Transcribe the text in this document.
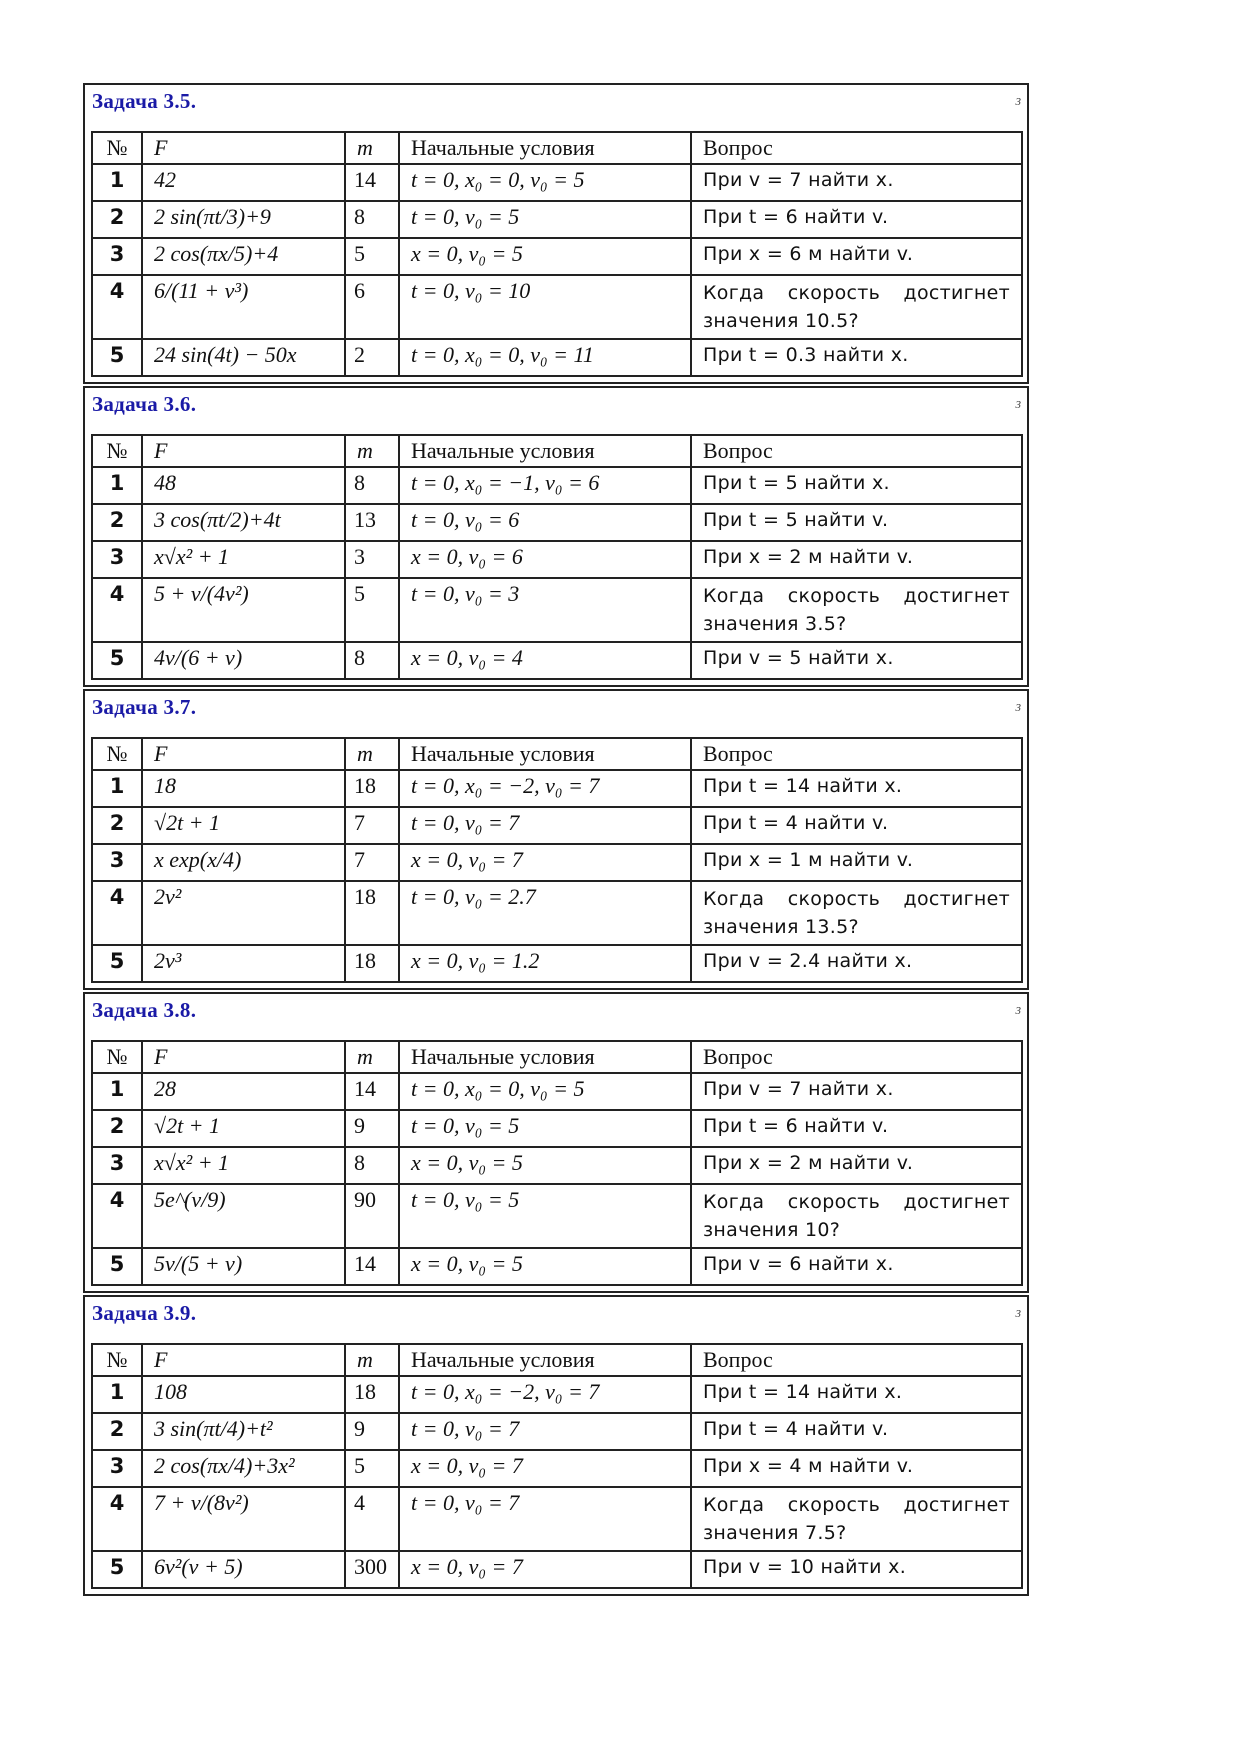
Задача 3.5.	3
№	F	m	Начальные условия	Вопрос
1	42	14	t = 0, x₀ = 0, v₀ = 5	При v = 7 найти x.
2	2 sin(πt/3)+9	8	t = 0, v₀ = 5	При t = 6 найти v.
3	2 cos(πx/5)+4	5	x = 0, v₀ = 5	При x = 6 м найти v.
4	6/(11 + v³)	6	t = 0, v₀ = 10	Когда скорость достигнет значения 10.5?
5	24 sin(4t) − 50x	2	t = 0, x₀ = 0, v₀ = 11	При t = 0.3 найти x.
Задача 3.6.	3
№	F	m	Начальные условия	Вопрос
1	48	8	t = 0, x₀ = −1, v₀ = 6	При t = 5 найти x.
2	3 cos(πt/2)+4t	13	t = 0, v₀ = 6	При t = 5 найти v.
3	x√x² + 1	3	x = 0, v₀ = 6	При x = 2 м найти v.
4	5 + v/(4v²)	5	t = 0, v₀ = 3	Когда скорость достигнет значения 3.5?
5	4v/(6 + v)	8	x = 0, v₀ = 4	При v = 5 найти x.
Задача 3.7.	3
№	F	m	Начальные условия	Вопрос
1	18	18	t = 0, x₀ = −2, v₀ = 7	При t = 14 найти x.
2	√2t + 1	7	t = 0, v₀ = 7	При t = 4 найти v.
3	x exp(x/4)	7	x = 0, v₀ = 7	При x = 1 м найти v.
4	2v²	18	t = 0, v₀ = 2.7	Когда скорость достигнет значения 13.5?
5	2v³	18	x = 0, v₀ = 1.2	При v = 2.4 найти x.
Задача 3.8.	3
№	F	m	Начальные условия	Вопрос
1	28	14	t = 0, x₀ = 0, v₀ = 5	При v = 7 найти x.
2	√2t + 1	9	t = 0, v₀ = 5	При t = 6 найти v.
3	x√x² + 1	8	x = 0, v₀ = 5	При x = 2 м найти v.
4	5e^(v/9)	90	t = 0, v₀ = 5	Когда скорость достигнет значения 10?
5	5v/(5 + v)	14	x = 0, v₀ = 5	При v = 6 найти x.
Задача 3.9.	3
№	F	m	Начальные условия	Вопрос
1	108	18	t = 0, x₀ = −2, v₀ = 7	При t = 14 найти x.
2	3 sin(πt/4)+t²	9	t = 0, v₀ = 7	При t = 4 найти v.
3	2 cos(πx/4)+3x²	5	x = 0, v₀ = 7	При x = 4 м найти v.
4	7 + v/(8v²)	4	t = 0, v₀ = 7	Когда скорость достигнет значения 7.5?
5	6v²(v + 5)	300	x = 0, v₀ = 7	При v = 10 найти x.
